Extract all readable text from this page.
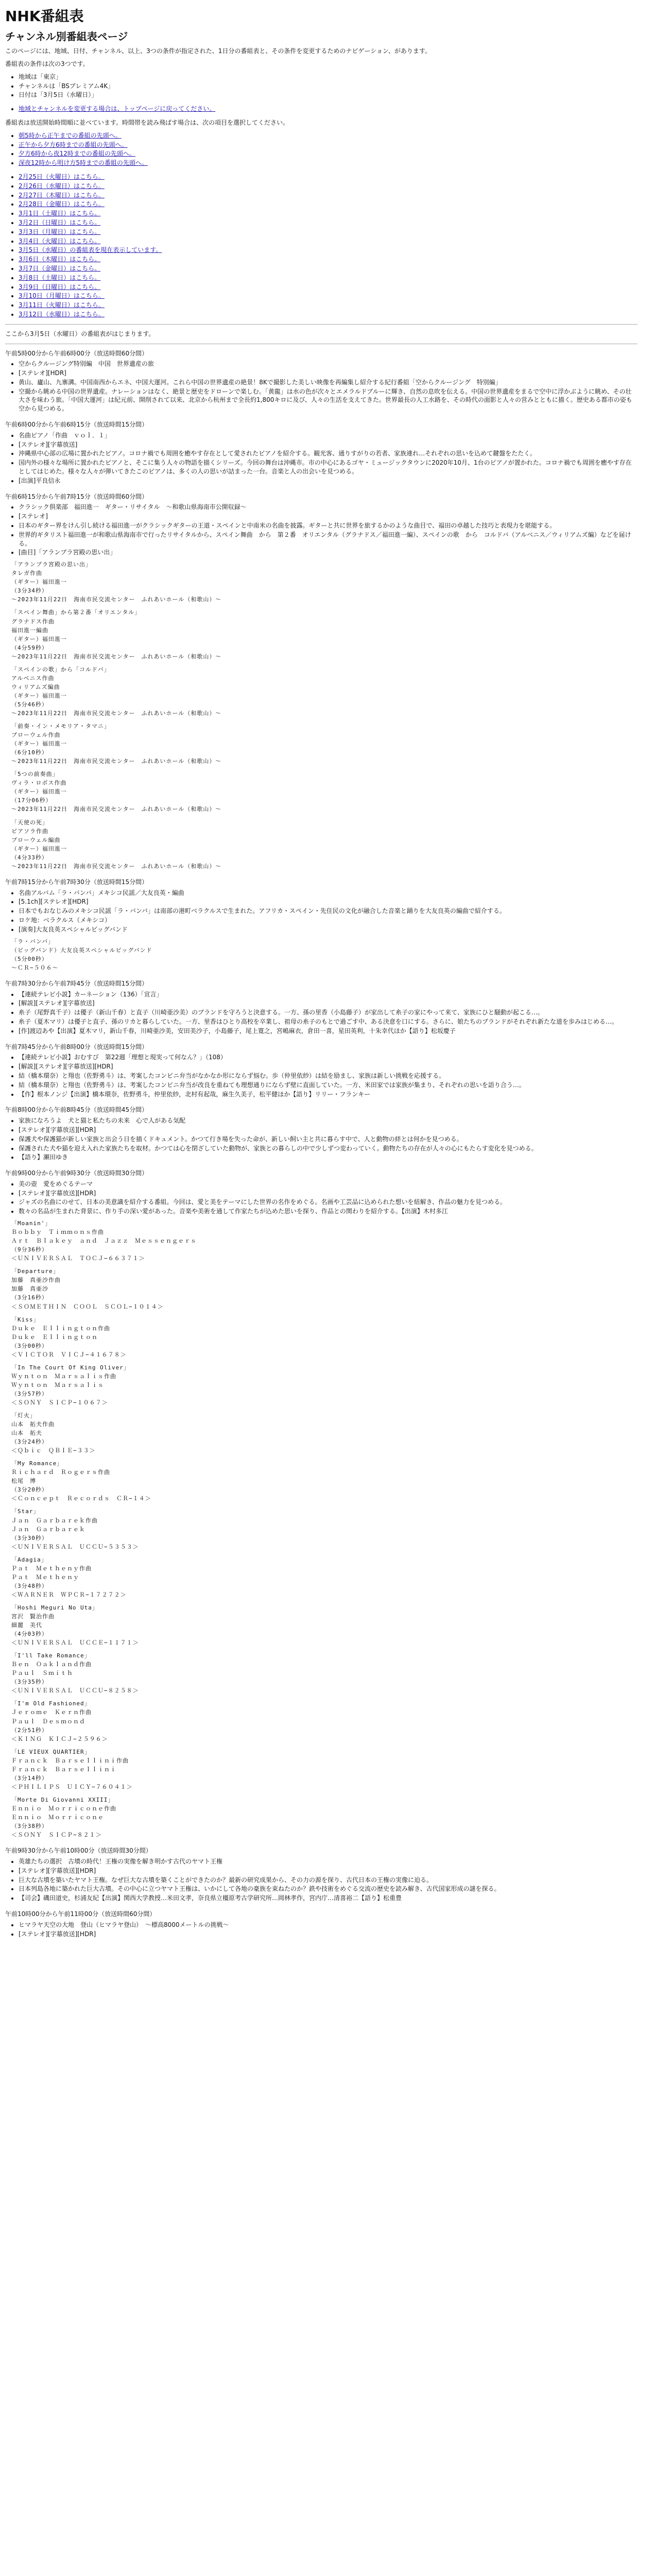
NHK番組表
チャンネル別番組表ページ

このページには、地域、日付、チャンネル、以上、3つの条件が指定された、1日分の番組表と、その条件を変更するためのナビゲーション、があります。

番組表の条件は次の3つです。

• 地域は「東京」
• チャンネルは「BSプレミアム4K」
• 日付は「3月5日（水曜日）」
• 地域とチャンネルを変更する場合は、トップページに戻ってください。

番組表は放送開始時間順に並べています。時間帯を読み飛ばす場合は、次の項目を選択してください。

• 朝5時から正午までの番組の先頭へ。
• 正午から夕方6時までの番組の先頭へ。
• 夕方6時から夜12時までの番組の先頭へ。
• 深夜12時から明け方5時までの番組の先頭へ。
• 2月25日（火曜日）はこちら。
• 2月26日（水曜日）はこちら。
• 2月27日（木曜日）はこちら。
• 2月28日（金曜日）はこちら。
• 3月1日（土曜日）はこちら。
• 3月2日（日曜日）はこちら。
• 3月3日（月曜日）はこちら。
• 3月4日（火曜日）はこちら。
• 3月5日（水曜日）の番組表を現在表示しています。
• 3月6日（木曜日）はこちら。
• 3月7日（金曜日）はこちら。
• 3月8日（土曜日）はこちら。
• 3月9日（日曜日）はこちら。
• 3月10日（月曜日）はこちら。
• 3月11日（火曜日）はこちら。
• 3月12日（水曜日）はこちら。

ここから3月5日（水曜日）の番組表がはじまります。

午前5時00分から午前6時00分（放送時間60分間）
• 空からクルージング特別編　中国　世界遺産の旅
• [ステレオ][HDR]
• 黄山、廬山、九寨溝。中国南西からエネ、中国大運河。これら中国の世界遺産の絶景！8Kで撮影した美しい映像を再編集し紹介する紀行番組「空からクルージング　特別編」
• 空撮から眺める中国の世界遺産。ナレーションはなく、絶景と歴史をドローンで楽しむ。「黄龍」は水の色が次々とエメラルドブルーに輝き、自然の息吹を伝える。中国の世界遺産をまるで空中に浮かぶように眺め、その壮大さを味わう旅。「中国大運河」は紀元前、開削されて以来、北京から杭州まで全長約1,800キロに及び、人々の生活を支えてきた。世界最長の人工水路を、その時代の面影と人々の営みとともに描く。歴史ある都市の姿も空から見つめる。
午前6時00分から午前6時15分（放送時間15分間）
• 名曲ピアノ「作曲　ｖｏｌ．１」
• [ステレオ][字幕放送]
• 沖縄県中心部の広場に置かれたピアノ。コロナ禍でも周囲を癒やす存在として愛されたピアノを紹介する。観光客、通りすがりの若者、家族連れ…それぞれの思いを込めて鍵盤をたたく。
• 国内外の様々な場所に置かれたピアノと、そこに集う人々の物語を描くシリーズ。今回の舞台は沖縄市。市の中心にあるゴヤ・ミュージックタウンに2020年10月、1台のピアノが置かれた。コロナ禍でも周囲を癒やす存在としてはじめた。様々な人々が弾いてきたこのピアノは、多くの人の思いが詰まった一台。音楽と人の出会いを見つめる。
• [出演]平良信永
午前6時15分から午前7時15分（放送時間60分間）
• クラシック倶楽部　福田進一　ギター・リサイタル　〜和歌山県海南市公開収録〜
• [ステレオ]
• 日本のギター界をけん引し続ける福田進一がクラシックギターの王道・スペインと中南米の名曲を披露。ギターと共に世界を旅するかのような曲目で、福田の卓越した技巧と表現力を堪能する。
• 世界的ギタリスト福田進一が和歌山県海南市で行ったリサイタルから、スペイン舞曲　から　第２番　オリエンタル（グラナドス／福田進一編）、スペインの歌　から　コルドバ（アルベニス／ウィリアムズ編）などを届ける。
• [曲目]「アランブラ宮殿の思い出」
「アランブラ宮殿の思い出」
タレガ作曲
（ギター）福田進一
（3分34秒）
〜2023年11月22日　海南市民交流センター　ふれあいホール（和歌山）〜
「スペイン舞曲」から第２番「オリエンタル」
グラナドス作曲
福田進一編曲
（ギター）福田進一
（4分59秒）
〜2023年11月22日　海南市民交流センター　ふれあいホール（和歌山）〜
「スペインの歌」から「コルドバ」
アルベニス作曲
ウィリアムズ編曲
（ギター）福田進一
（5分46秒）
〜2023年11月22日　海南市民交流センター　ふれあいホール（和歌山）〜
「前奏・イン・メモリア・タマニ」
ブローウェル作曲
（ギター）福田進一
（6分10秒）
〜2023年11月22日　海南市民交流センター　ふれあいホール（和歌山）〜
「5つの前奏曲」
ヴィラ・ロボス作曲
（ギター）福田進一
（17分06秒）
〜2023年11月22日　海南市民交流センター　ふれあいホール（和歌山）〜
「天使の死」
ピアソラ作曲
ブローウェル編曲
（ギター）福田進一
（4分33秒）
〜2023年11月22日　海南市民交流センター　ふれあいホール（和歌山）〜
午前7時15分から午前7時30分（放送時間15分間）
• 名曲アルバム「ラ・バンバ」メキシコ民謡／大友良英・編曲
• [5.1ch][ステレオ][HDR]
• 日本でもおなじみのメキシコ民謡「ラ・バンバ」は南部の港町ベラクルスで生まれた。アフリカ・スペイン・先住民の文化が融合した音楽と踊りを大友良英の編曲で紹介する。
• ロケ地：ベラクルス（メキシコ）
• [演奏]大友良英スペシャルビッグバンド
「ラ・バンバ」
（ビッグバンド）大友良英スペシャルビッグバンド
（5分00秒）
〜ＣＲ−５０６〜
午前7時30分から午前7時45分（放送時間15分間）
• 【連続テレビ小説】カーネーション（136）「宣言」
• [解説][ステレオ][字幕放送]
• 糸子（尾野真千子）は優子（新山千春）と直子（川崎亜沙美）のブランドを守ろうと決意する。一方、孫の里香（小島藤子）が家出して糸子の家にやって来て、家族にひと騒動が起こる…。
• 糸子（夏木マリ）は優子と直子、孫のリカと暮らしていた。一方、里香はひとり高校を卒業し、祖母の糸子のもとで過ごす中、ある決意を口にする。さらに、娘たちのブランドがそれぞれ新たな道を歩みはじめる…。
• [作]渡辺あや【出演】夏木マリ，新山千春，川崎亜沙美，安田美沙子，小島藤子，尾上寛之，宮嶋麻衣，倉田一喜，星田英利，十朱幸代ほか【語り】松坂慶子
午前7時45分から午前8時00分（放送時間15分間）
• 【連続テレビ小説】おむすび　第22週「理想と現実って何なん？」（108）
• [解説][ステレオ][字幕放送][HDR]
• 結（橋本環奈）と翔也（佐野勇斗）は、考案したコンビニ弁当がなかなか形にならず悩む。歩（仲里依紗）は結を励まし、家族は新しい挑戦を応援する。
• 結（橋本環奈）と翔也（佐野勇斗）は、考案したコンビニ弁当が改良を重ねても理想通りにならず壁に直面していた。一方、米田家では家族が集まり、それぞれの思いを語り合う…。
• 【作】根本ノンジ【出演】橋本環奈，佐野勇斗，仲里依紗，北村有起哉，麻生久美子，松平健ほか【語り】リリー・フランキー
午前8時00分から午前8時45分（放送時間45分間）
• 家族になろうよ　犬と猫と私たちの未来　心で人がある気配
• [ステレオ][字幕放送][HDR]
• 保護犬や保護猫が新しい家族と出会う日を描くドキュメント。かつて行き場を失った命が、新しい飼い主と共に暮らす中で、人と動物の絆とは何かを見つめる。
• 保護された犬や猫を迎え入れた家族たちを取材。かつては心を閉ざしていた動物が、家族との暮らしの中で少しずつ変わっていく。動物たちの存在が人々の心にもたらす変化を見つめる。
• 【語り】瀬田ゆき
午前9時00分から午前9時30分（放送時間30分間）
• 美の壺　愛をめぐるテーマ
• [ステレオ][字幕放送][HDR]
• ジャズの名曲にのせて、日本の美意識を紹介する番組。今回は、愛と美をテーマにした世界の名作をめぐる。名画や工芸品に込められた想いを紐解き、作品の魅力を見つめる。
• 数々の名品が生まれた背景に、作り手の深い愛があった。音楽や美術を通して作家たちが込めた思いを探り、作品との関わりを紹介する。【出演】木村多江
「Moanin'」
Ｂｏｂｂｙ　Ｔｉｍｍｏｎｓ作曲
Ａｒｔ　Ｂｌａｋｅｙ　ａｎｄ　Ｊａｚｚ　Ｍｅｓｓｅｎｇｅｒｓ
（9分36秒）
＜ＵＮＩＶＥＲＳＡＬ　ＴＯＣＪ−６６３７１＞
「Departure」
加藤　真亜沙作曲
加藤　真亜沙
（3分16秒）
＜ＳＯＭＥＴＨＩＮ　ＣＯＯＬ　ＳＣＯＬ−１０１４＞
「Kiss」
Ｄｕｋｅ　Ｅｌｌｉｎｇｔｏｎ作曲
Ｄｕｋｅ　Ｅｌｌｉｎｇｔｏｎ
（3分00秒）
＜ＶＩＣＴＯＲ　ＶＩＣＪ−４１６７８＞
「In The Court Of King Oliver」
Ｗｙｎｔｏｎ　Ｍａｒｓａｌｉｓ作曲
Ｗｙｎｔｏｎ　Ｍａｒｓａｌｉｓ
（3分57秒）
＜ＳＯＮＹ　ＳＩＣＰ−１０６７＞
「灯火」
山本　拓夫作曲
山本　拓夫
（3分24秒）
＜Ｑｂｉｃ　ＱＢＩＥ−３３＞
「My Romance」
Ｒｉｃｈａｒｄ　Ｒｏｇｅｒｓ作曲
松尾　博
（3分20秒）
＜Ｃｏｎｃｅｐｔ　Ｒｅｃｏｒｄｓ　ＣＲ−１４＞
「Star」
Ｊａｎ　Ｇａｒｂａｒｅｋ作曲
Ｊａｎ　Ｇａｒｂａｒｅｋ
（3分30秒）
＜ＵＮＩＶＥＲＳＡＬ　ＵＣＣＵ−５３５３＞
「Adagia」
Ｐａｔ　Ｍｅｔｈｅｎｙ作曲
Ｐａｔ　Ｍｅｔｈｅｎｙ
（3分48秒）
＜ＷＡＲＮＥＲ　ＷＰＣＲ−１７２７２＞
「Hoshi Meguri No Uta」
宮沢　賢治作曲
細麗　美代
（4分03秒）
＜ＵＮＩＶＥＲＳＡＬ　ＵＣＣＥ−１１７１＞
「I'll Take Romance」
Ｂｅｎ　Ｏａｋｌａｎｄ作曲
Ｐａｕｌ　Ｓｍｉｔｈ
（3分35秒）
＜ＵＮＩＶＥＲＳＡＬ　ＵＣＣＵ−８２５８＞
「I'm Old Fashioned」
Ｊｅｒｏｍｅ　Ｋｅｒｎ作曲
Ｐａｕｌ　Ｄｅｓｍｏｎｄ
（2分51秒）
＜ＫＩＮＧ　ＫＩＣＪ−２５９６＞
「LE VIEUX QUARTIER」
Ｆｒａｎｃｋ　Ｂａｒｓｅｌｌｉｎｉ作曲
Ｆｒａｎｃｋ　Ｂａｒｓｅｌｌｉｎｉ
（3分14秒）
＜ＰＨＩＬＩＰＳ　ＵＩＣＹ−７６０４１＞
「Morte Di Giovanni XXIII」
Ｅｎｎｉｏ　Ｍｏｒｒｉｃｏｎｅ作曲
Ｅｎｎｉｏ　Ｍｏｒｒｉｃｏｎｅ
（3分38秒）
＜ＳＯＮＹ　ＳＩＣＰ−８２１＞
午前9時30分から午前10時00分（放送時間30分間）
• 英雄たちの選択　古墳の時代！王権の実像を解き明かす古代のヤマト王権
• [ステレオ][字幕放送][HDR]
• 巨大な古墳を築いたヤマト王権。なぜ巨大な古墳を築くことができたのか？最新の研究成果から、その力の源を探り、古代日本の王権の実像に迫る。
• 日本列島各地に築かれた巨大古墳。その中心に立つヤマト王権は、いかにして各地の豪族を束ねたのか？鉄や技術をめぐる交流の歴史を読み解き、古代国家形成の謎を探る。
• 【司会】磯田道史，杉浦友紀【出演】関西大学教授…米田文孝，奈良県立橿原考古学研究所…岡林孝作，宮内庁…清喜裕二【語り】松重豊
午前10時00分から午前11時00分（放送時間60分間）
• ヒマラヤ天空の大地　登山（ヒマラヤ登山）　〜標高8000メートルの挑戦〜
• [ステレオ][字幕放送][HDR]
